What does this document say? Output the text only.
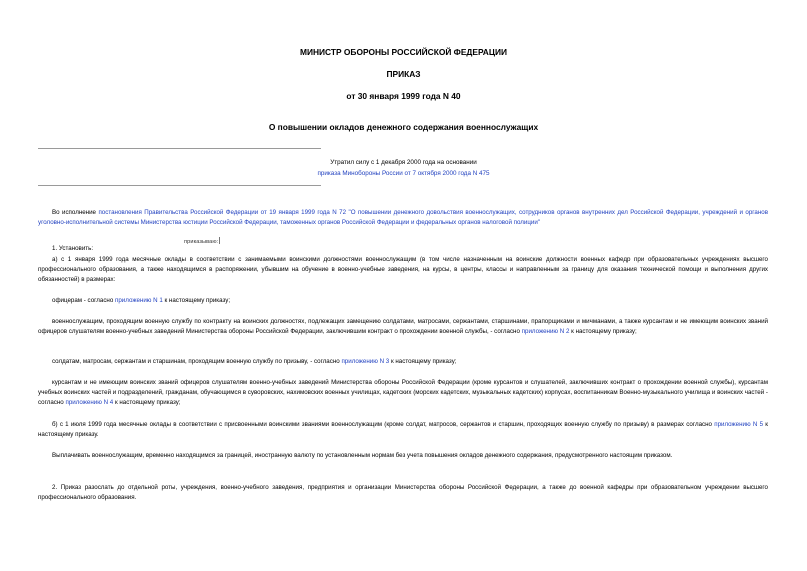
МИНИСТР ОБОРОНЫ РОССИЙСКОЙ ФЕДЕРАЦИИ

ПРИКАЗ

от 30 января 1999 года N 40

О повышении окладов денежного содержания военнослужащих

Утратил силу с 1 декабря 2000 года на основании

приказа Минобороны России от 7 октября 2000 года N 475

Во исполнение постановления Правительства Российской Федерации от 19 января 1999 года N 72 "О повышении денежного довольствия военнослужащих, сотрудников органов внутренних дел Российской Федерации, учреждений и органов уголовно-исполнительной системы Министерства юстиции Российской Федерации, таможенных органов Российской Федерации и федеральных органов налоговой полиции"

приказываю:

1. Установить:

а) с 1 января 1999 года месячные оклады в соответствии с занимаемыми воинскими должностями военнослужащим (в том числе назначенным на воинские должности военных кафедр при образовательных учреждениях высшего профессионального образования, а также находящимся в распоряжении, убывшим на обучение в военно-учебные заведения, на курсы, в центры, классы и направленным за границу для оказания технической помощи и выполнения других обязанностей) в размерах:

офицерам - согласно приложению N 1 к настоящему приказу;

военнослужащим, проходящим военную службу по контракту на воинских должностях, подлежащих замещению солдатами, матросами, сержантами, старшинами, прапорщиками и мичманами, а также курсантам и не имеющим воинских званий офицеров слушателям военно-учебных заведений Министерства обороны Российской Федерации, заключившим контракт о прохождении военной службы, - согласно приложению N 2 к настоящему приказу;

солдатам, матросам, сержантам и старшинам, проходящим военную службу по призыву, - согласно приложению N 3 к настоящему приказу;

курсантам и не имеющим воинских званий офицеров слушателям военно-учебных заведений Министерства обороны Российской Федерации (кроме курсантов и слушателей, заключивших контракт о прохождении военной службы), курсантам учебных воинских частей и подразделений, гражданам, обучающимся в суворовских, нахимовских военных училищах, кадетских (морских кадетских, музыкальных кадетских) корпусах, воспитанникам Военно-музыкального училища и воинских частей - согласно приложению N 4 к настоящему приказу;

б) с 1 июля 1999 года месячные оклады в соответствии с присвоенными воинскими званиями военнослужащим (кроме солдат, матросов, сержантов и старшин, проходящих военную службу по призыву) в размерах согласно приложению N 5 к настоящему приказу.

Выплачивать военнослужащим, временно находящимся за границей, иностранную валюту по установленным нормам без учета повышения окладов денежного содержания, предусмотренного настоящим приказом.

2. Приказ разослать до отдельной роты, учреждения, военно-учебного заведения, предприятия и организации Министерства обороны Российской Федерации, а также до военной кафедры при образовательном учреждении высшего профессионального образования.
